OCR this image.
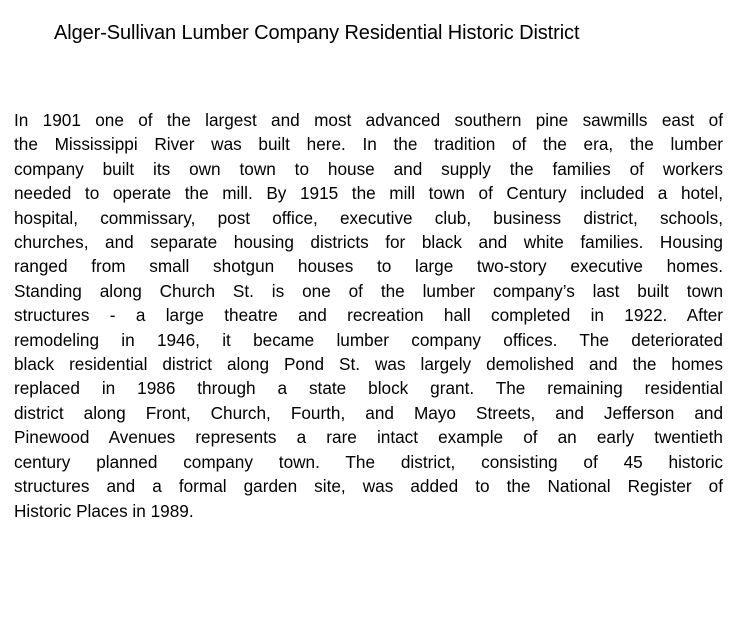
Alger-Sullivan Lumber Company Residential Historic District
In 1901 one of the largest and most advanced southern pine sawmills east of
the Mississippi River was built here. In the tradition of the era, the lumber
company built its own town to house and supply the families of workers
needed to operate the mill. By 1915 the mill town of Century included a hotel,
hospital, commissary, post office, executive club, business district, schools,
churches, and separate housing districts for black and white families. Housing
ranged from small shotgun houses to large two-story executive homes.
Standing along Church St. is one of the lumber company’s last built town
structures - a large theatre and recreation hall completed in 1922. After
remodeling in 1946, it became lumber company offices. The deteriorated
black residential district along Pond St. was largely demolished and the homes
replaced in 1986 through a state block grant. The remaining residential
district along Front, Church, Fourth, and Mayo Streets, and Jefferson and
Pinewood Avenues represents a rare intact example of an early twentieth
century planned company town. The district, consisting of 45 historic
structures and a formal garden site, was added to the National Register of
Historic Places in 1989.
